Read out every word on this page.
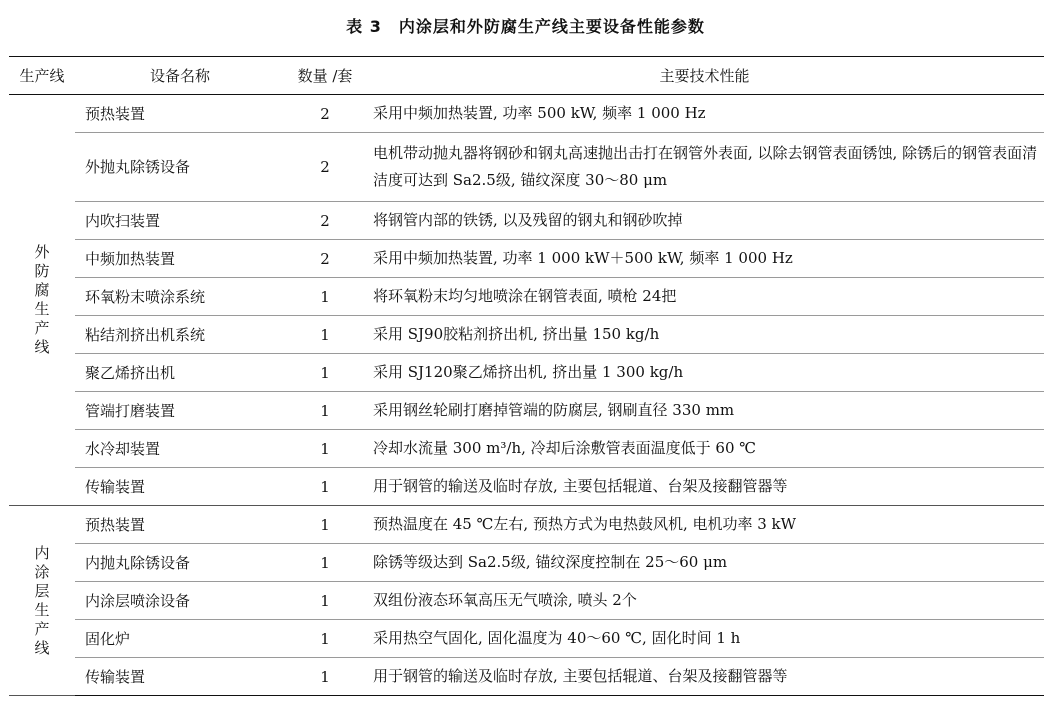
表 3　内涂层和外防腐生产线主要设备性能参数
生产线	设备名称	数量 /套	主要技术性能
外防腐生产线	预热装置	2	采用中频加热装置, 功率 500 kW, 频率 1 000 Hz
	外抛丸除锈设备	2	电机带动抛丸器将钢砂和钢丸高速抛出击打在钢管外表面, 以除去钢管表面锈蚀, 除锈后的钢管表面清洁度可达到 Sa2.5级, 锚纹深度 30～80 μm
	内吹扫装置	2	将钢管内部的铁锈, 以及残留的钢丸和钢砂吹掉
	中频加热装置	2	采用中频加热装置, 功率 1 000 kW＋500 kW, 频率 1 000 Hz
	环氧粉末喷涂系统	1	将环氧粉末均匀地喷涂在钢管表面, 喷枪 24把
	粘结剂挤出机系统	1	采用 SJ90胶粘剂挤出机, 挤出量 150 kg/h
	聚乙烯挤出机	1	采用 SJ120聚乙烯挤出机, 挤出量 1 300 kg/h
	管端打磨装置	1	采用钢丝轮刷打磨掉管端的防腐层, 钢刷直径 330 mm
	水冷却装置	1	冷却水流量 300 m³/h, 冷却后涂敷管表面温度低于 60 ℃
	传输装置	1	用于钢管的输送及临时存放, 主要包括辊道、台架及接翻管器等
内涂层生产线	预热装置	1	预热温度在 45 ℃左右, 预热方式为电热鼓风机, 电机功率 3 kW
	内抛丸除锈设备	1	除锈等级达到 Sa2.5级, 锚纹深度控制在 25～60 μm
	内涂层喷涂设备	1	双组份液态环氧高压无气喷涂, 喷头 2个
	固化炉	1	采用热空气固化, 固化温度为 40～60 ℃, 固化时间 1 h
	传输装置	1	用于钢管的输送及临时存放, 主要包括辊道、台架及接翻管器等
